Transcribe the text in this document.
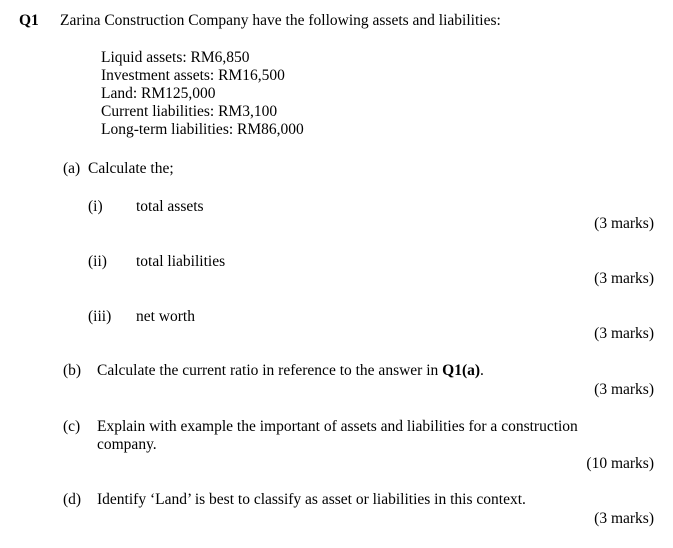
Q1 Zarina Construction Company have the following assets and liabilities:
Liquid assets: RM6,850
Investment assets: RM16,500
Land: RM125,000
Current liabilities: RM3,100
Long-term liabilities: RM86,000
(a) Calculate the;
(i) total assets
(3 marks)
(ii) total liabilities
(3 marks)
(iii) net worth
(3 marks)
(b) Calculate the current ratio in reference to the answer in Q1(a).
(3 marks)
(c) Explain with example the important of assets and liabilities for a construction
company.
(10 marks)
(d) Identify ‘Land’ is best to classify as asset or liabilities in this context.
(3 marks)
